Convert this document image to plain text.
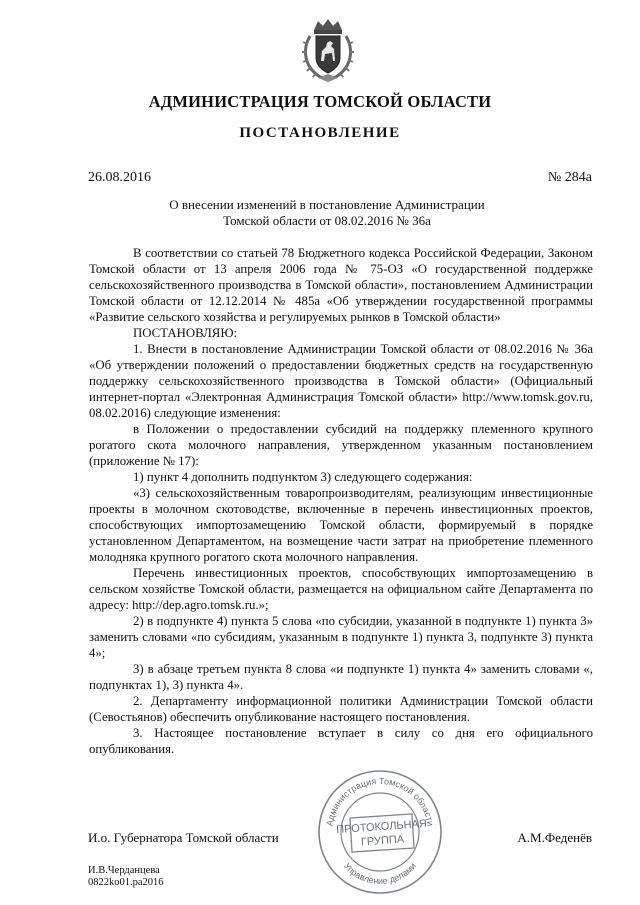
АДМИНИСТРАЦИЯ ТОМСКОЙ ОБЛАСТИ
ПОСТАНОВЛЕНИЕ
26.08.2016	№ 284а
О внесении изменений в постановление Администрации
Томской области от 08.02.2016 № 36а

В соответствии со статьей 78 Бюджетного кодекса Российской Федерации, Законом Томской области от 13 апреля 2006 года № 75-ОЗ «О государственной поддержке сельскохозяйственного производства в Томской области», постановлением Администрации Томской области от 12.12.2014 № 485а «Об утверждении государственной программы «Развитие сельского хозяйства и регулируемых рынков в Томской области»

ПОСТАНОВЛЯЮ:

1. Внести в постановление Администрации Томской области от 08.02.2016 № 36а «Об утверждении положений о предоставлении бюджетных средств на государственную поддержку сельскохозяйственного производства в Томской области» (Официальный интернет-портал «Электронная Администрация Томской области» http://www.tomsk.gov.ru, 08.02.2016) следующие изменения:

в Положении о предоставлении субсидий на поддержку племенного крупного рогатого скота молочного направления, утвержденном указанным постановлением (приложение № 17):

1) пункт 4 дополнить подпунктом 3) следующего содержания:

«3) сельскохозяйственным товаропроизводителям, реализующим инвестиционные проекты в молочном скотоводстве, включенные в перечень инвестиционных проектов, способствующих импортозамещению Томской области, формируемый в порядке установленном Департаментом, на возмещение части затрат на приобретение племенного молодняка крупного рогатого скота молочного направления.

Перечень инвестиционных проектов, способствующих импортозамещению в сельском хозяйстве Томской области, размещается на официальном сайте Департамента по адресу: http://dep.agro.tomsk.ru.»;

2) в подпункте 4) пункта 5 слова «по субсидии, указанной в подпункте 1) пункта 3» заменить словами «по субсидиям, указанным в подпункте 1) пункта 3, подпункте 3) пункта 4»;

3) в абзаце третьем пункта 8 слова «и подпункте 1) пункта 4» заменить словами «, подпунктах 1), 3) пункта 4».

2. Департаменту информационной политики Администрации Томской области (Севостьянов) обеспечить опубликование настоящего постановления.

3. Настоящее постановление вступает в силу со дня его официального опубликования.

И.о. Губернатора Томской области	А.М.Феденёв
И.В.Черданцева
0822ko01.pa2016
Администрация Томской области
Управление делами
ПРОТОКОЛЬНАЯ
ГРУППА
